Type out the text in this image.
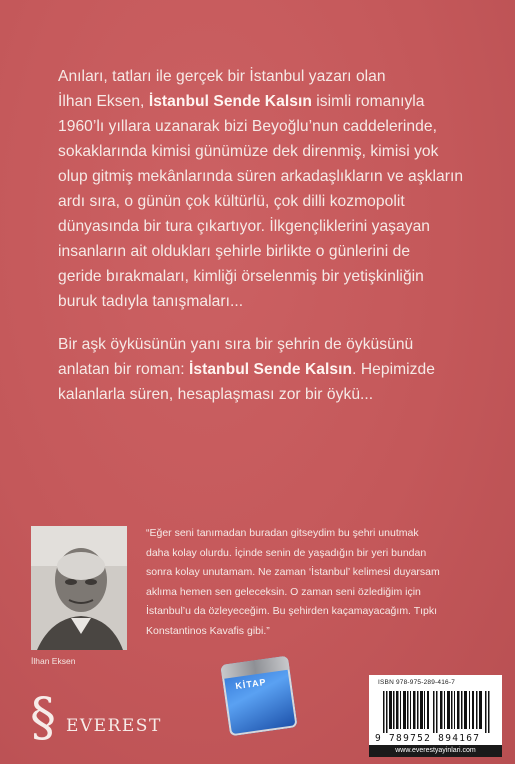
Anıları, tatları ile gerçek bir İstanbul yazarı olan
İlhan Eksen, İstanbul Sende Kalsın isimli romanıyla
1960’lı yıllara uzanarak bizi Beyoğlu’nun caddelerinde,
sokaklarında kimisi günümüze dek direnmiş, kimisi yok
olup gitmiş mekânlarında süren arkadaşlıkların ve aşkların
ardı sıra, o günün çok kültürlü, çok dilli kozmopolit
dünyasında bir tura çıkartıyor. İlkgençliklerini yaşayan
insanların ait oldukları şehirle birlikte o günlerini de
geride bırakmaları, kimliği örselenmiş bir yetişkinliğin
buruk tadıyla tanışmaları...

Bir aşk öyküsünün yanı sıra bir şehrin de öyküsünü
anlatan bir roman: İstanbul Sende Kalsın. Hepimizde
kalanlarla süren, hesaplaşması zor bir öykü...

İlhan Eksen
“Eğer seni tanımadan buradan gitseydim bu şehri unutmak
daha kolay olurdu. İçinde senin de yaşadığın bir yeri bundan
sonra kolay unutamam. Ne zaman ‘İstanbul’ kelimesi duyarsam
aklıma hemen sen geleceksin. O zaman seni özlediğim için
İstanbul’u da özleyeceğim. Bu şehirden kaçamayacağım. Tıpkı
Konstantinos Kavafis gibi.”
KİTAP
§ EVEREST
ISBN 978-975-289-416-7
9 789752 894167
www.everestyayinlari.com
